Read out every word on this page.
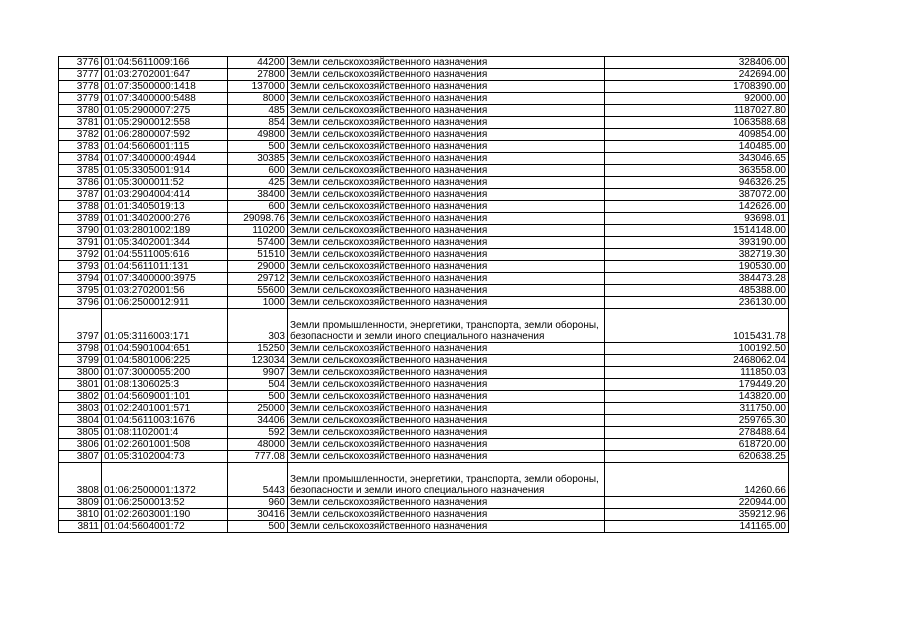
3776	01:04:5611009:166	44200	Земли сельскохозяйственного назначения	328406.00
3777	01:03:2702001:647	27800	Земли сельскохозяйственного назначения	242694.00
3778	01:07:3500000:1418	137000	Земли сельскохозяйственного назначения	1708390.00
3779	01:07:3400000:5488	8000	Земли сельскохозяйственного назначения	92000.00
3780	01:05:2900007:275	485	Земли сельскохозяйственного назначения	1187027.80
3781	01:05:2900012:558	854	Земли сельскохозяйственного назначения	1063588.68
3782	01:06:2800007:592	49800	Земли сельскохозяйственного назначения	409854.00
3783	01:04:5606001:115	500	Земли сельскохозяйственного назначения	140485.00
3784	01:07:3400000:4944	30385	Земли сельскохозяйственного назначения	343046.65
3785	01:05:3305001:914	600	Земли сельскохозяйственного назначения	363558.00
3786	01:05:3000011:52	425	Земли сельскохозяйственного назначения	946326.25
3787	01:03:2904004:414	38400	Земли сельскохозяйственного назначения	387072.00
3788	01:01:3405019:13	600	Земли сельскохозяйственного назначения	142626.00
3789	01:01:3402000:276	29098.76	Земли сельскохозяйственного назначения	93698.01
3790	01:03:2801002:189	110200	Земли сельскохозяйственного назначения	1514148.00
3791	01:05:3402001:344	57400	Земли сельскохозяйственного назначения	393190.00
3792	01:04:5511005:616	51510	Земли сельскохозяйственного назначения	382719.30
3793	01:04:5611011:131	29000	Земли сельскохозяйственного назначения	190530.00
3794	01:07:3400000:3975	29712	Земли сельскохозяйственного назначения	384473.28
3795	01:03:2702001:56	55600	Земли сельскохозяйственного назначения	485388.00
3796	01:06:2500012:911	1000	Земли сельскохозяйственного назначения	236130.00
3797	01:05:3116003:171	303	Земли промышленности, энергетики, транспорта, земли обороны, безопасности и земли иного специального назначения	1015431.78
3798	01:04:5901004:651	15250	Земли сельскохозяйственного назначения	100192.50
3799	01:04:5801006:225	123034	Земли сельскохозяйственного назначения	2468062.04
3800	01:07:3000055:200	9907	Земли сельскохозяйственного назначения	111850.03
3801	01:08:1306025:3	504	Земли сельскохозяйственного назначения	179449.20
3802	01:04:5609001:101	500	Земли сельскохозяйственного назначения	143820.00
3803	01:02:2401001:571	25000	Земли сельскохозяйственного назначения	311750.00
3804	01:04:5611003:1676	34406	Земли сельскохозяйственного назначения	259765.30
3805	01:08:1102001:4	592	Земли сельскохозяйственного назначения	278488.64
3806	01:02:2601001:508	48000	Земли сельскохозяйственного назначения	618720.00
3807	01:05:3102004:73	777.08	Земли сельскохозяйственного назначения	620638.25
3808	01:06:2500001:1372	5443	Земли промышленности, энергетики, транспорта, земли обороны, безопасности и земли иного специального назначения	14260.66
3809	01:06:2500013:52	960	Земли сельскохозяйственного назначения	220944.00
3810	01:02:2603001:190	30416	Земли сельскохозяйственного назначения	359212.96
3811	01:04:5604001:72	500	Земли сельскохозяйственного назначения	141165.00
